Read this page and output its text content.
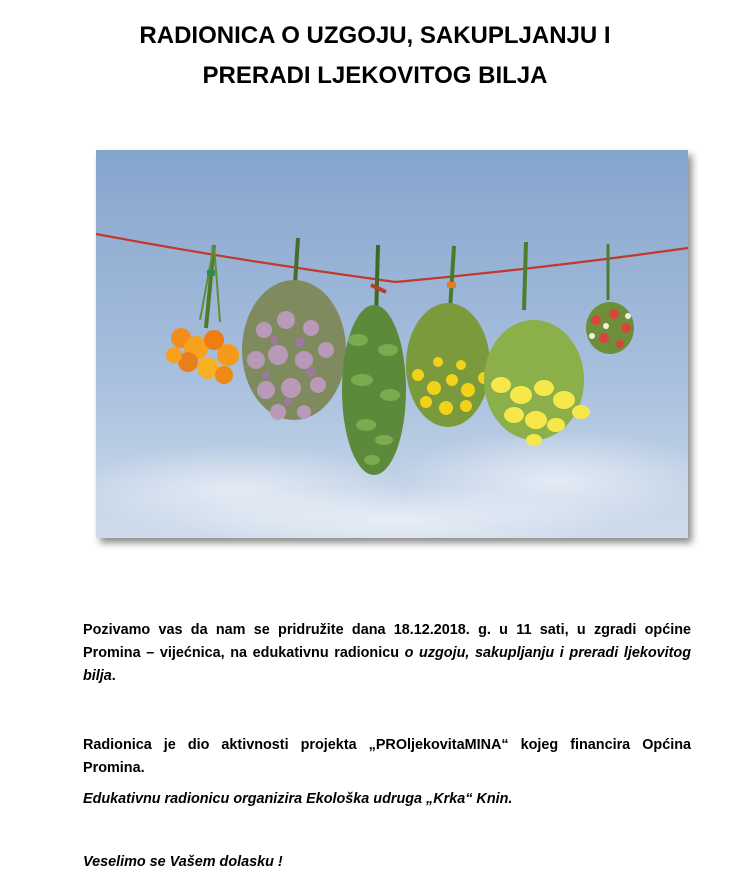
RADIONICA O UZGOJU, SAKUPLJANJU I
PRERADI LJEKOVITOG BILJA
Pozivamo vas da nam se pridružite dana 18.12.2018. g. u 11 sati, u zgradi općine Promina – vijećnica, na edukativnu radionicu o uzgoju, sakupljanju i preradi ljekovitog bilja.
Radionica je dio aktivnosti projekta „PROljekovitaMINA“ kojeg financira Općina Promina.
Edukativnu radionicu organizira Ekološka udruga „Krka“ Knin.
Veselimo se Vašem dolasku !
